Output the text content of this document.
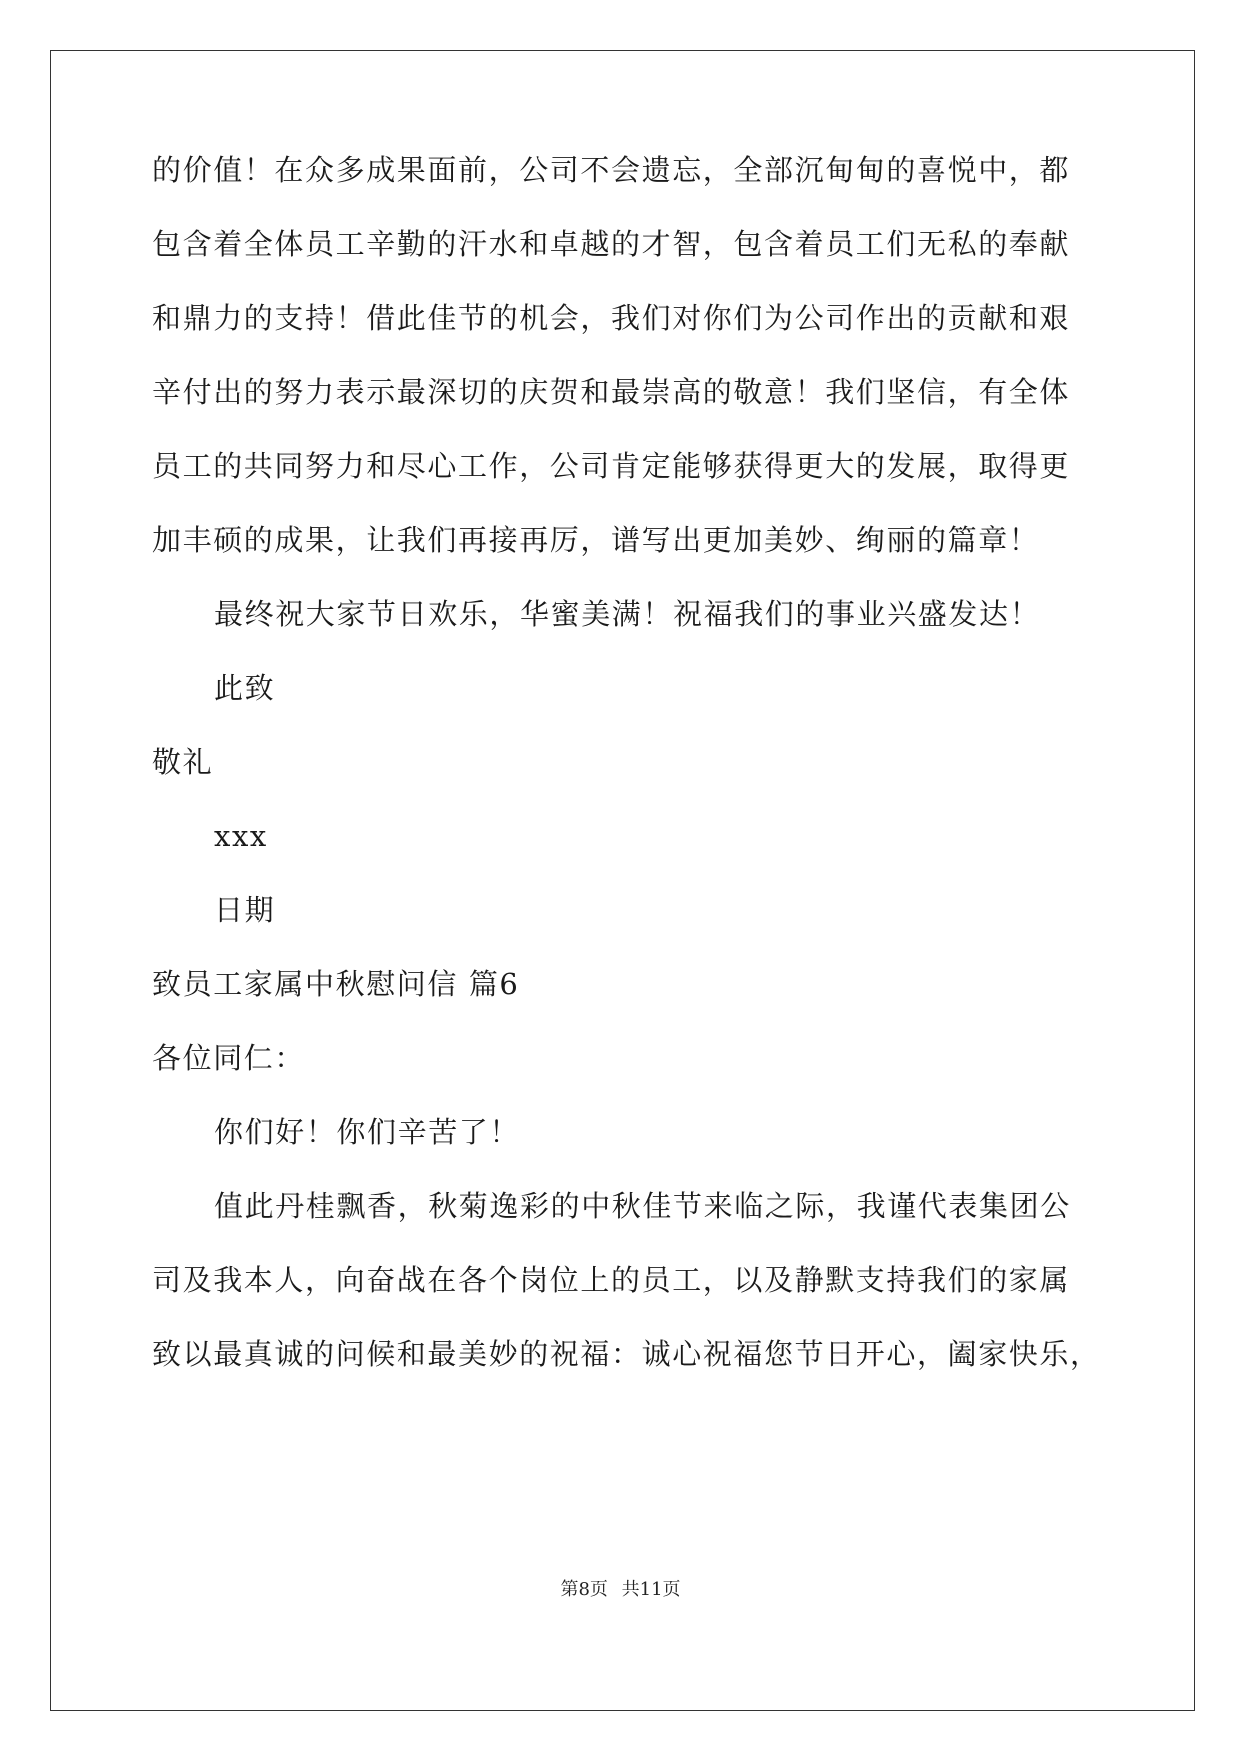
的价值！在众多成果面前，公司不会遗忘，全部沉甸甸的喜悦中，都
包含着全体员工辛勤的汗水和卓越的才智，包含着员工们无私的奉献
和鼎力的支持！借此佳节的机会，我们对你们为公司作出的贡献和艰
辛付出的努力表示最深切的庆贺和最崇高的敬意！我们坚信，有全体
员工的共同努力和尽心工作，公司肯定能够获得更大的发展，取得更
加丰硕的成果，让我们再接再厉，谱写出更加美妙、绚丽的篇章！
最终祝大家节日欢乐，华蜜美满！祝福我们的事业兴盛发达！
此致
敬礼
xxx
日期
致员工家属中秋慰问信 篇6
各位同仁：
你们好！你们辛苦了！
值此丹桂飘香，秋菊逸彩的中秋佳节来临之际，我谨代表集团公
司及我本人，向奋战在各个岗位上的员工，以及静默支持我们的家属
致以最真诚的问候和最美妙的祝福：诚心祝福您节日开心，阖家快乐，
第8页 共11页
